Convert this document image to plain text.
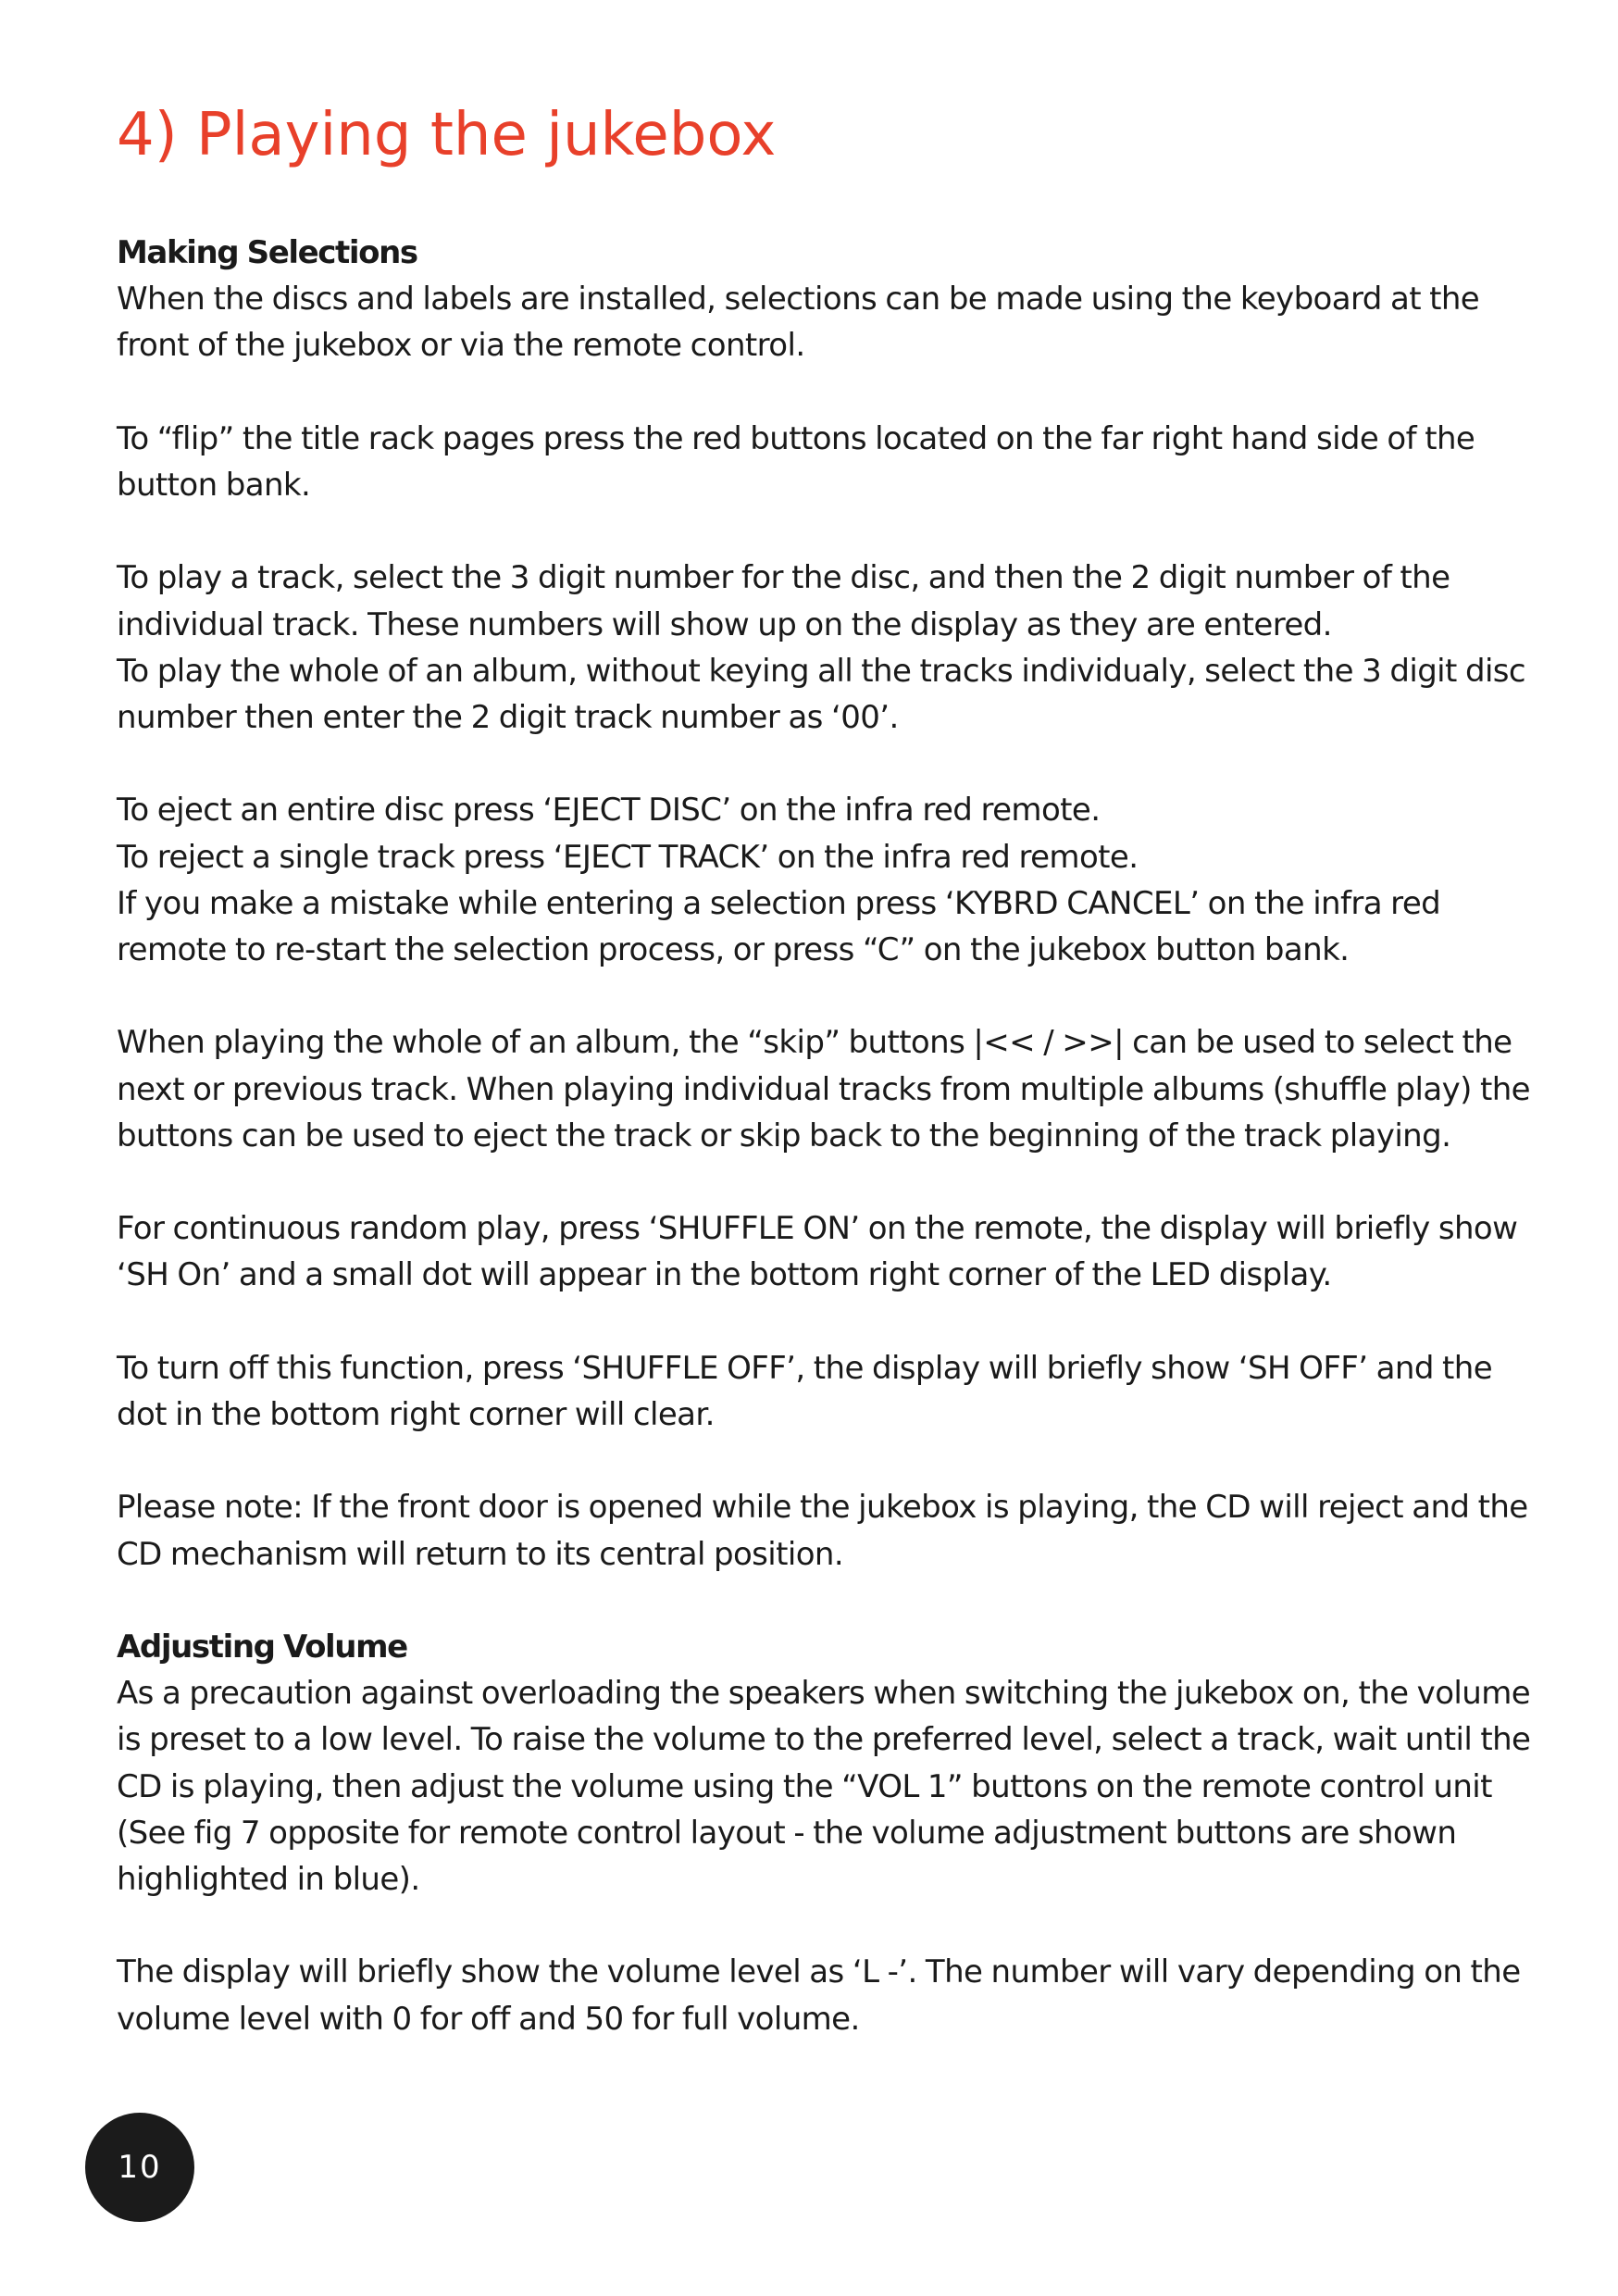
4) Playing the jukebox
Making Selections

When the discs and labels are installed, selections can be made using the keyboard at the front of the jukebox or via the remote control.

To “flip” the title rack pages press the red buttons located on the far right hand side of the button bank.

To play a track, select the 3 digit number for the disc, and then the 2 digit number of the individual track. These numbers will show up on the display as they are entered.

To play the whole of an album, without keying all the tracks individualy, select the 3 digit disc number then enter the 2 digit track number as ‘00’.

To eject an entire disc press ‘EJECT DISC’ on the infra red remote.

To reject a single track press ‘EJECT TRACK’ on the infra red remote.

If you make a mistake while entering a selection press ‘KYBRD CANCEL’ on the infra red remote to re-start the selection process, or press “C” on the jukebox button bank.

When playing the whole of an album, the “skip” buttons |<< / >>| can be used to select the next or previous track. When playing individual tracks from multiple albums (shuffle play) the buttons can be used to eject the track or skip back to the beginning of the track playing.

For continuous random play, press ‘SHUFFLE ON’ on the remote, the display will briefly show ‘SH On’ and a small dot will appear in the bottom right corner of the LED display.

To turn off this function, press ‘SHUFFLE OFF’, the display will briefly show ‘SH OFF’ and the dot in the bottom right corner will clear.

Please note: If the front door is opened while the jukebox is playing, the CD will reject and the CD mechanism will return to its central position.

Adjusting Volume

As a precaution against overloading the speakers when switching the jukebox on, the volume is preset to a low level. To raise the volume to the preferred level, select a track, wait until the CD is playing, then adjust the volume using the “VOL 1” buttons on the remote control unit (See fig 7 opposite for remote control layout - the volume adjustment buttons are shown highlighted in blue).

The display will briefly show the volume level as ‘L -’. The number will vary depending on the volume level with 0 for off and 50 for full volume.

10
